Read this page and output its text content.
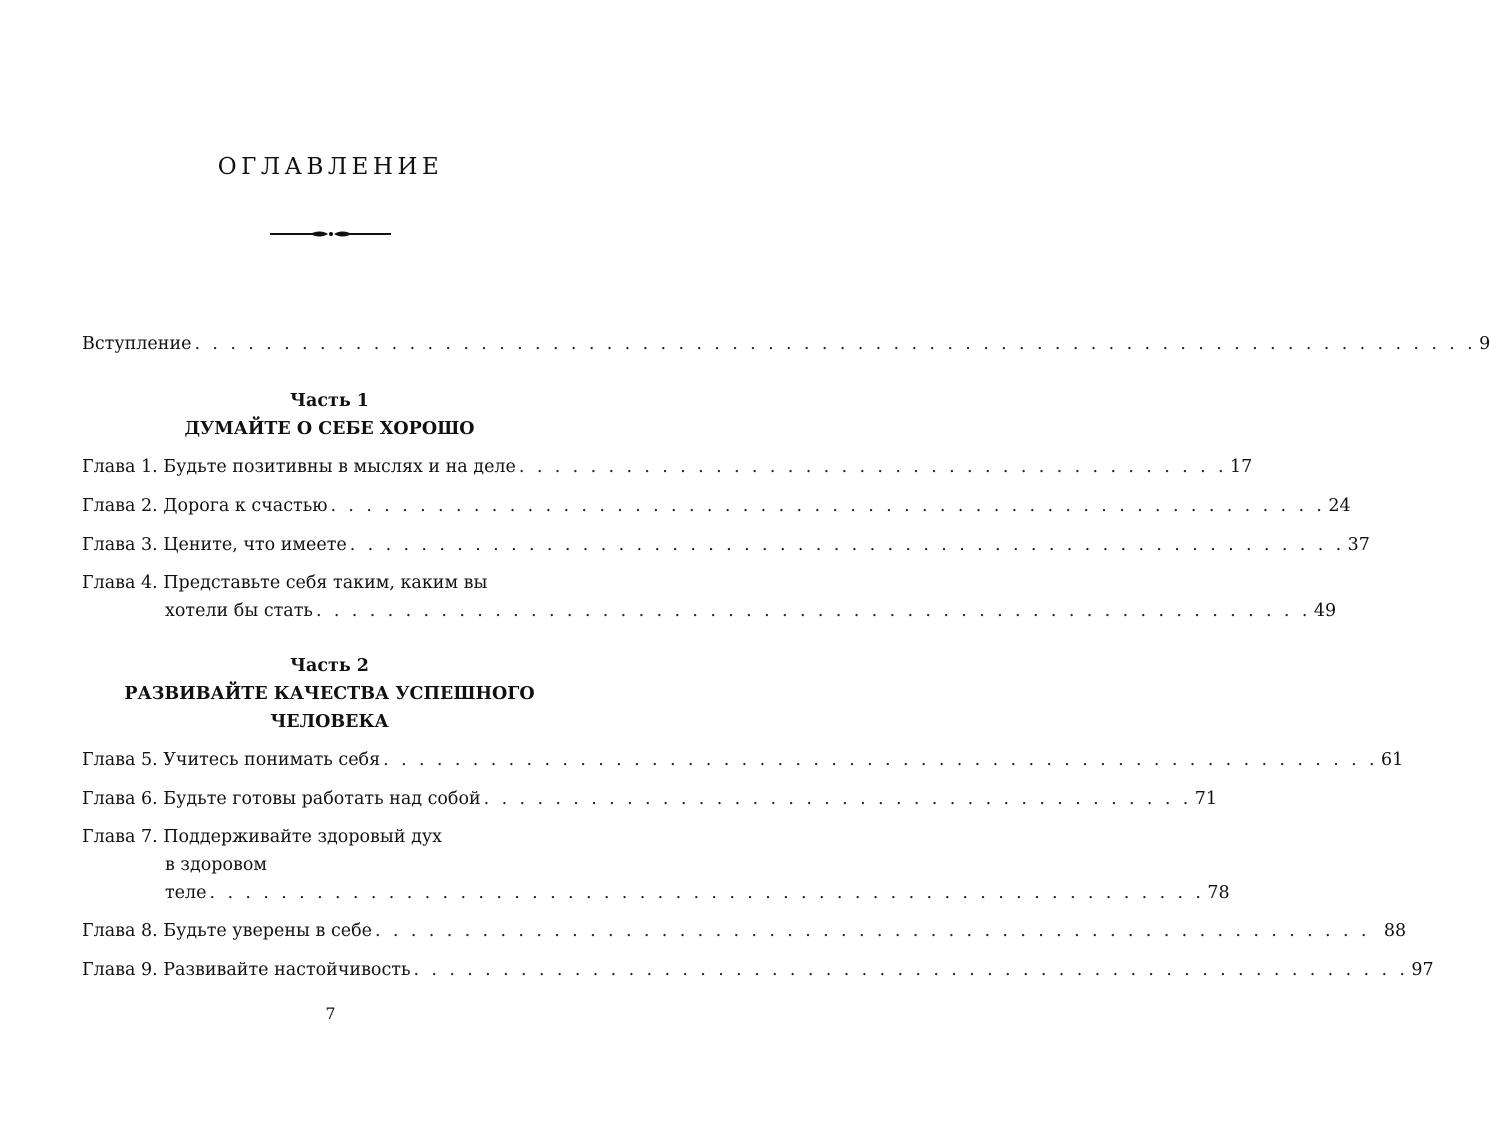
ОГЛАВЛЕНИЕ
Вступление . . . . . . . . . . . . . . . . . . . . . . . . . . . . . . . . . . . . . . . . . . . . . . . . . . . . . . . . . . . . . . . . . . . . . . . . 9
Часть 1
ДУМАЙТЕ О СЕБЕ ХОРОШО
Глава 1. Будьте позитивны в мыслях и на деле . . . . . . . . . . . . . . . . . . . . . . . . . . . . . . . . . . . . . . . . 17
Глава 2. Дорога к счастью . . . . . . . . . . . . . . . . . . . . . . . . . . . . . . . . . . . . . . . . . . . . . . . . . . . . . . . . 24
Глава 3. Цените, что имеете . . . . . . . . . . . . . . . . . . . . . . . . . . . . . . . . . . . . . . . . . . . . . . . . . . . . . . . . 37
Глава 4. Представьте себя таким, каким вы
хотели бы стать . . . . . . . . . . . . . . . . . . . . . . . . . . . . . . . . . . . . . . . . . . . . . . . . . . . . . . . . 49
Часть 2
РАЗВИВАЙТЕ КАЧЕСТВА УСПЕШНОГО
ЧЕЛОВЕКА
Глава 5. Учитесь понимать себя . . . . . . . . . . . . . . . . . . . . . . . . . . . . . . . . . . . . . . . . . . . . . . . . . . . . . . . . 61
Глава 6. Будьте готовы работать над собой . . . . . . . . . . . . . . . . . . . . . . . . . . . . . . . . . . . . . . . . 71
Глава 7. Поддерживайте здоровый дух
в здоровом
теле . . . . . . . . . . . . . . . . . . . . . . . . . . . . . . . . . . . . . . . . . . . . . . . . . . . . . . . . 78
Глава 8. Будьте уверены в себе . . . . . . . . . . . . . . . . . . . . . . . . . . . . . . . . . . . . . . . . . . . . . . . . . . . . . . . . 88
Глава 9. Развивайте настойчивость . . . . . . . . . . . . . . . . . . . . . . . . . . . . . . . . . . . . . . . . . . . . . . . . . . . . . . . . 97
7
